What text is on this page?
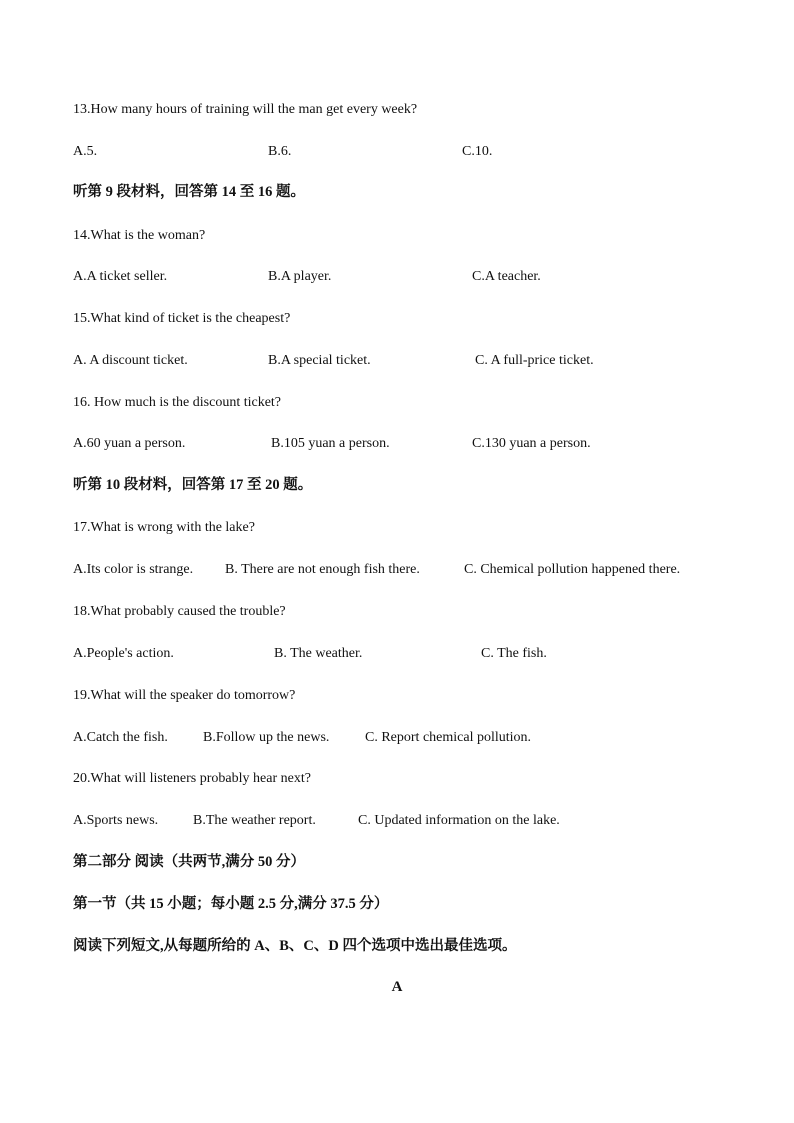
13.How many hours of training will the man get every week?
A.5.	B.6.	C.10.
听第 9 段材料，回答第 14 至 16 题。
14.What is the woman?
A.A ticket seller.	B.A player.	C.A teacher.
15.What kind of ticket is the cheapest?
A. A discount ticket.	B.A special ticket.	C. A full-price ticket.
16. How much is the discount ticket?
A.60 yuan a person.	B.105 yuan a person.	C.130 yuan a person.
听第 10 段材料，回答第 17 至 20 题。
17.What is wrong with the lake?
A.Its color is strange. B. There are not enough fish there.	C. Chemical pollution happened there.
18.What probably caused the trouble?
A.People's action.	B. The weather.	C. The fish.
19.What will the speaker do tomorrow?
A.Catch the fish.	B.Follow up the news.	C. Report chemical pollution.
20.What will listeners probably hear next?
A.Sports news. B.The weather report.	C. Updated information on the lake.
第二部分 阅读（共两节,满分 50 分）
第一节（共 15 小题；每小题 2.5 分,满分 37.5 分）
阅读下列短文,从每题所给的 A、B、C、D 四个选项中选出最佳选项。
A
